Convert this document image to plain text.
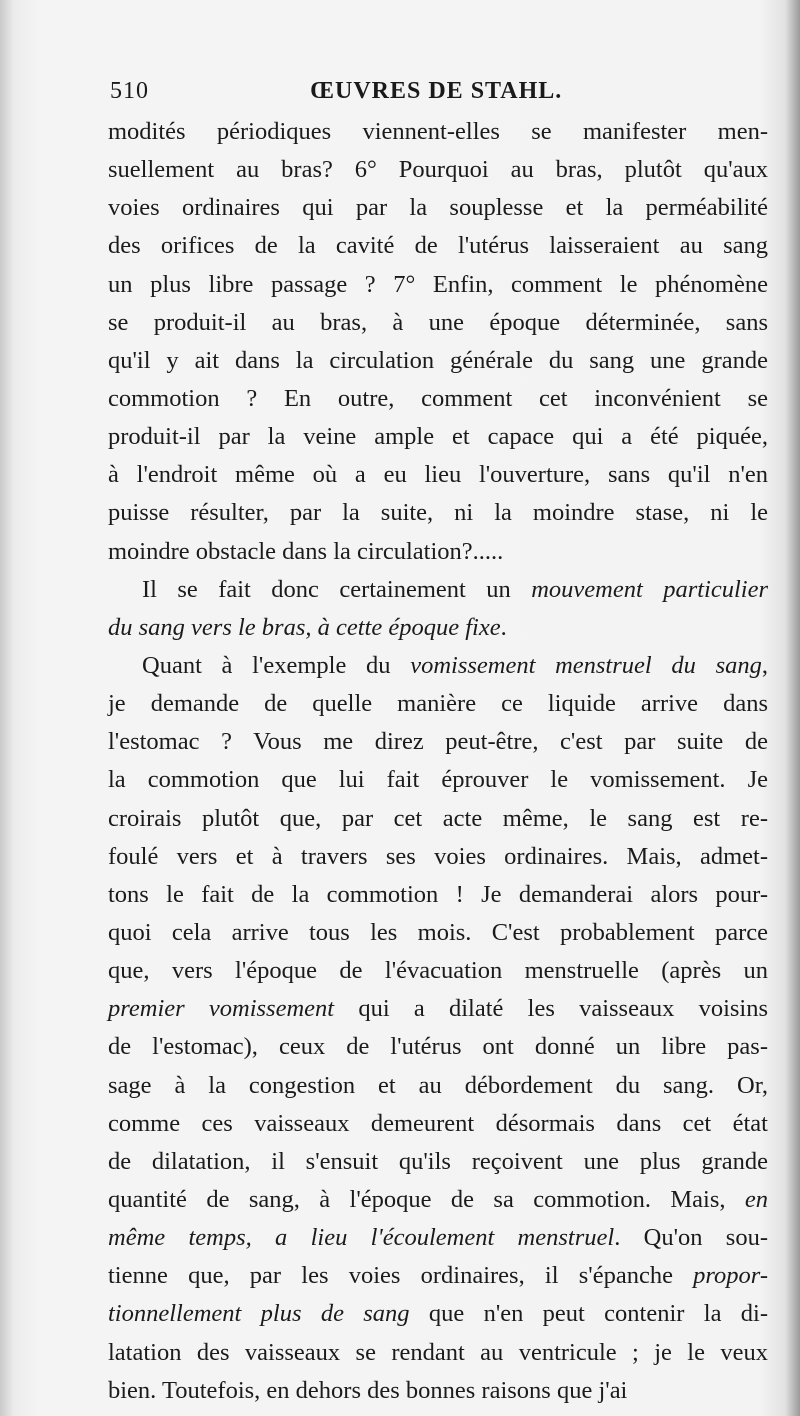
510	ŒUVRES DE STAHL.
modités périodiques viennent-elles se manifester men-
suellement au bras? 6° Pourquoi au bras, plutôt qu'aux
voies ordinaires qui par la souplesse et la perméabilité
des orifices de la cavité de l'utérus laisseraient au sang
un plus libre passage ? 7° Enfin, comment le phénomène
se produit-il au bras, à une époque déterminée, sans
qu'il y ait dans la circulation générale du sang une grande
commotion ? En outre, comment cet inconvénient se
produit-il par la veine ample et capace qui a été piquée,
à l'endroit même où a eu lieu l'ouverture, sans qu'il n'en
puisse résulter, par la suite, ni la moindre stase, ni le
moindre obstacle dans la circulation?.....
Il se fait donc certainement un mouvement particulier
du sang vers le bras, à cette époque fixe.
Quant à l'exemple du vomissement menstruel du sang,
je demande de quelle manière ce liquide arrive dans
l'estomac ? Vous me direz peut-être, c'est par suite de
la commotion que lui fait éprouver le vomissement. Je
croirais plutôt que, par cet acte même, le sang est re-
foulé vers et à travers ses voies ordinaires. Mais, admet-
tons le fait de la commotion ! Je demanderai alors pour-
quoi cela arrive tous les mois. C'est probablement parce
que, vers l'époque de l'évacuation menstruelle (après un
premier vomissement qui a dilaté les vaisseaux voisins
de l'estomac), ceux de l'utérus ont donné un libre pas-
sage à la congestion et au débordement du sang. Or,
comme ces vaisseaux demeurent désormais dans cet état
de dilatation, il s'ensuit qu'ils reçoivent une plus grande
quantité de sang, à l'époque de sa commotion. Mais, en
même temps, a lieu l'écoulement menstruel. Qu'on sou-
tienne que, par les voies ordinaires, il s'épanche propor-
tionnellement plus de sang que n'en peut contenir la di-
latation des vaisseaux se rendant au ventricule ; je le veux
bien. Toutefois, en dehors des bonnes raisons que j'ai
